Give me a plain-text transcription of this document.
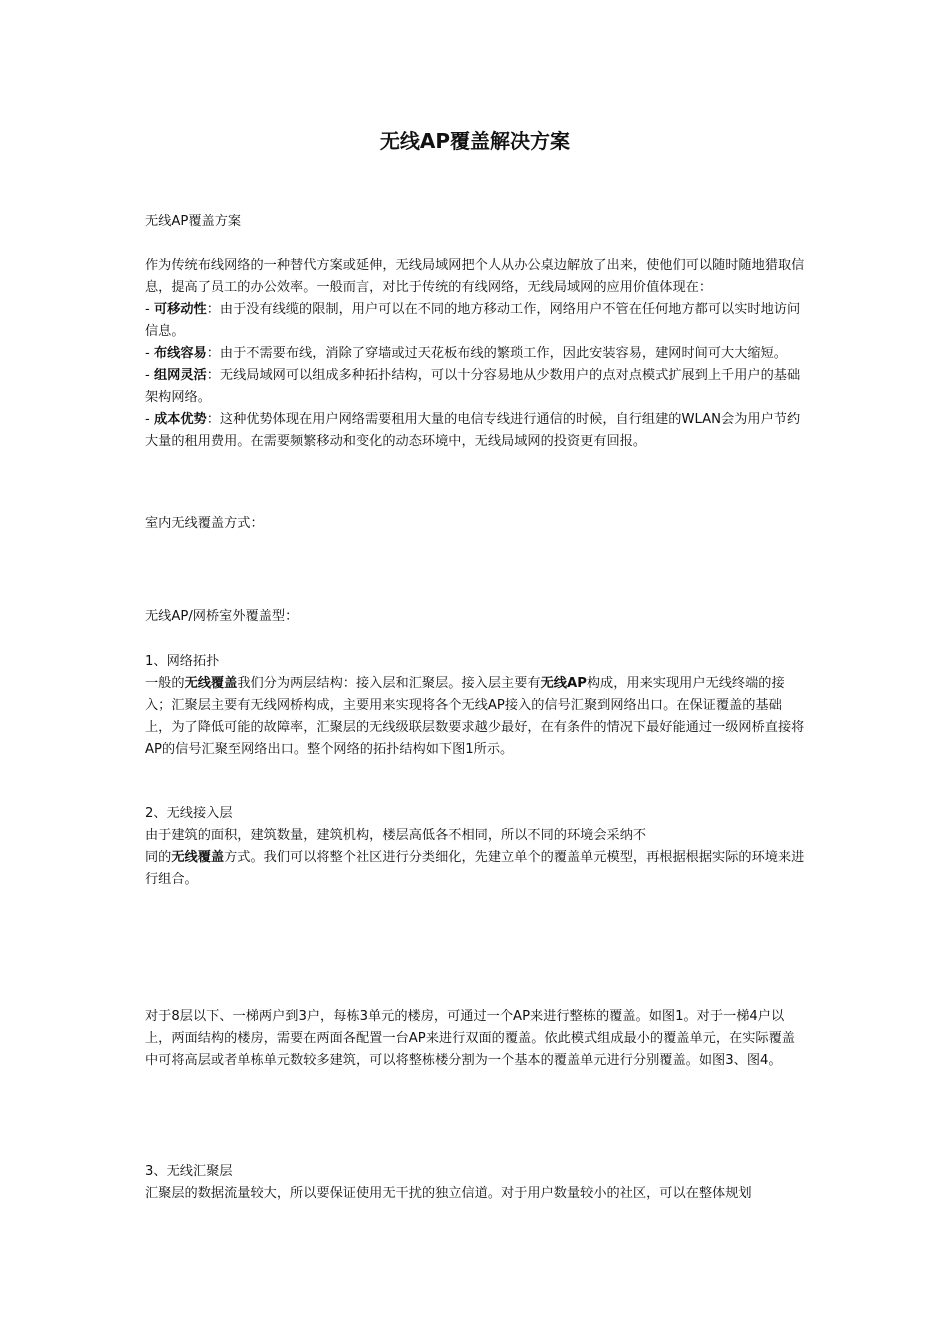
无线AP覆盖解决方案

无线AP覆盖方案

作为传统布线网络的一种替代方案或延伸，无线局域网把个人从办公桌边解放了出来，使他们可以随时随地猎取信息，提高了员工的办公效率。一般而言，对比于传统的有线网络，无线局域网的应用价值体现在：

- 可移动性：由于没有线缆的限制，用户可以在不同的地方移动工作，网络用户不管在任何地方都可以实时地访问信息。

- 布线容易：由于不需要布线，消除了穿墙或过天花板布线的繁琐工作，因此安装容易，建网时间可大大缩短。

- 组网灵活：无线局域网可以组成多种拓扑结构，可以十分容易地从少数用户的点对点模式扩展到上千用户的基础架构网络。

- 成本优势：这种优势体现在用户网络需要租用大量的电信专线进行通信的时候，自行组建的WLAN会为用户节约大量的租用费用。在需要频繁移动和变化的动态环境中，无线局域网的投资更有回报。

室内无线覆盖方式：

无线AP/网桥室外覆盖型：

1、网络拓扑

一般的无线覆盖我们分为两层结构：接入层和汇聚层。接入层主要有无线AP构成，用来实现用户无线终端的接入；汇聚层主要有无线网桥构成，主要用来实现将各个无线AP接入的信号汇聚到网络出口。在保证覆盖的基础上，为了降低可能的故障率，汇聚层的无线级联层数要求越少最好，在有条件的情况下最好能通过一级网桥直接将AP的信号汇聚至网络出口。整个网络的拓扑结构如下图1所示。

2、无线接入层

由于建筑的面积，建筑数量，建筑机构，楼层高低各不相同，所以不同的环境会采纳不

同的无线覆盖方式。我们可以将整个社区进行分类细化，先建立单个的覆盖单元模型，再根据根据实际的环境来进行组合。

对于8层以下、一梯两户到3户，每栋3单元的楼房，可通过一个AP来进行整栋的覆盖。如图1。对于一梯4户以上，两面结构的楼房，需要在两面各配置一台AP来进行双面的覆盖。依此模式组成最小的覆盖单元，在实际覆盖中可将高层或者单栋单元数较多建筑，可以将整栋楼分割为一个基本的覆盖单元进行分别覆盖。如图3、图4。

3、无线汇聚层

汇聚层的数据流量较大，所以要保证使用无干扰的独立信道。对于用户数量较小的社区，可以在整体规划
